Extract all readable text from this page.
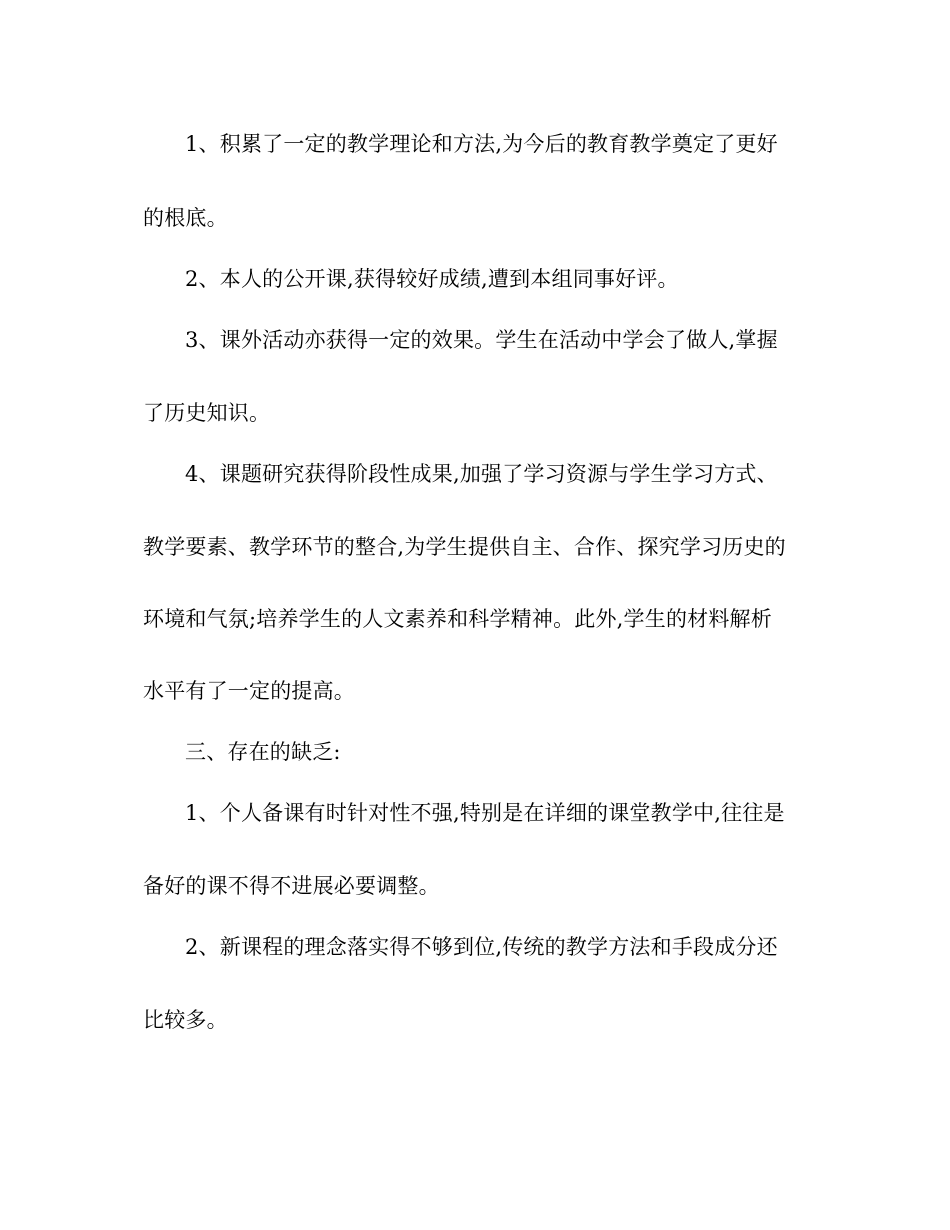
1、积累了一定的教学理论和方法,为今后的教育教学奠定了更好
的根底。
2、本人的公开课,获得较好成绩,遭到本组同事好评。
3、课外活动亦获得一定的效果。学生在活动中学会了做人,掌握
了历史知识。
4、课题研究获得阶段性成果,加强了学习资源与学生学习方式、
教学要素、教学环节的整合,为学生提供自主、合作、探究学习历史的
环境和气氛;培养学生的人文素养和科学精神。此外,学生的材料解析
水平有了一定的提高。
三、存在的缺乏:
1、个人备课有时针对性不强,特别是在详细的课堂教学中,往往是
备好的课不得不进展必要调整。
2、新课程的理念落实得不够到位,传统的教学方法和手段成分还
比较多。
